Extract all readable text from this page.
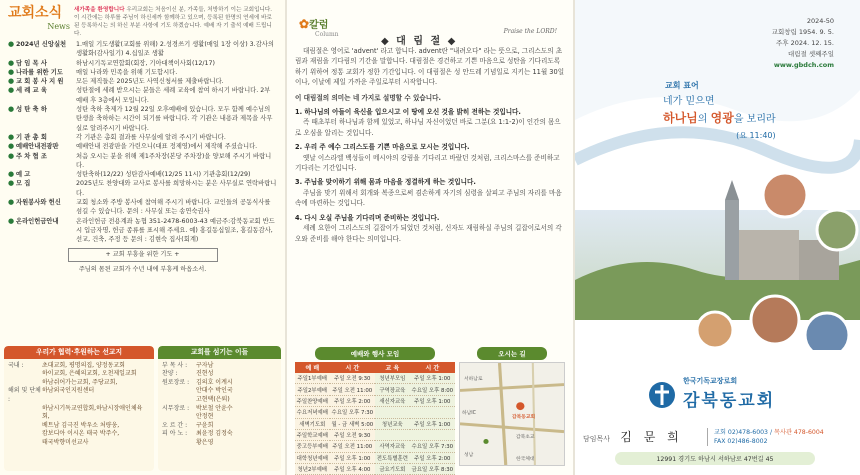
교회소식
News
새가족을 환영합니다 우리교회는 처음이신 분, 가족들, 처방하기 이는 교회입니다. 이 시간에는 하루를 주님이 하신세까 함께하고 있으며, 등록된 한명의 연세에 바로된 등록하시는 의 하신 부분 사항에 기도 하겠습니다. 예배 자 기 출석 예배 드립니다.
● 2024년 신앙실천	1.매일 기도생활(교회를 위해) 2.성경쓰기 생활(매일 1장 이상) 3.감사의 생활화(감사일기) 4.십일조 생활
● 담 임 목 사	하남시기독교연합회(회장, 기아대책이사회(12/17)
● 나라를 위한 기도	매일 나라와 민족을 위해 기도합시다.
● 교 회 봉 사 지 원	모든 제직들은 2025년도 사역신청서를 제출바랍니다.
● 세 례 교 육	성탄절에 세례 받으시는 분들은 세례 교육에 참여 하시기 바랍니다. 2부 예배 후 3층에서 모입니다.
● 성 탄 축 하	성탄 축하 축제가 12월 22일 오후예배에 있습니다. 모두 함께 예수님의 탄생을 축하하는 시간이 되기를 바랍니다. 각 기관은 내용과 제목을 사무실로 알려주시기 바랍니다.
● 기 관 총 회	각 기관은 총회 결과를 사무실에 알려 주시기 바랍니다.
● 예배안내전광판	예배안내 전광판을 가린으니(대표 정제영)에서 제작해 주셨습니다.
● 주 차 협 조	처음 오시는 분을 위해 제1주차장(본당 주차장)을 양보해 주시기 바랍니다.
● 예 고	성탄축하(12/22) 성탄감사예배(12/25 11시) 기관총회(12/29)
● 모 집	2025년도 찬양대와 교사로 봉사를 희망하시는 분은 사무실로 연락바랍니다.
● 자원봉사와 헌신	교회 청소와 주방 봉사에 참여해 주시기 바랍니다. 교인들의 공동식사를 섬길 수 있습니다. 문의 : 사무실 또는 송연숙권사
● 온라인헌금안내	온라인헌금 전용계좌 농협 351-2478-6003-43 예금주:감북동교회 반드시 입금자명, 헌금 종류를 표시해 주세요. 예) 홍길동십일조, 홍길동감사, 선교, 건축, 주정 등 문의 : 김현숙 집사(회계)
+ 교회 부흥을 위한 기도 +
주님의 몸된 교회가 수년 내에 부흥케 하옵소서.
우리가 협력·후원하는 선교지
국내 :	초대교회, 평명의집, 양정동교회
하이교회, 은혜의교회, 오천제일교회
하남쉬어가는교회, 주당교회,
해외 및 단체 :
하남외국인지원센터
하남시기독교연합회,하남시장애인체육회,
베트남 김극진 박우소 처량웅,
캄보디아 이시온 태국 박주수,
태국박향미선교사
교회를 섬기는 이들
부 목 사 :	구자남
찬양 :	진현성
원로장로 :	김의호 이계시
안대수 박인국
고현택(은퇴)
시무장로 :	박보철 안윤수
안정현
오 르 간 :	구윤희
피 아 노 :	최윤정 김정숙
황은영
✿칼럼
Column
◆ 대 림 절 ◆
Praise the LORD!

대림절은 영어로 'advent' 라고 합니다. advent란 "내려오다" 라는 뜻으로, 그리스도의 초림과 재림을 기다림의 기간을 말합니다. 대림절은 경건하고 기쁜 마음으로 성탄을 기다리도록 하기 위하여 정통 교회가 정한 기간입니다. 이 대림절은 성 안드레 기념일로 지키는 11월 30일이나, 이날에 제일 가까운 주일로부터 시작합니다.

이 대림절의 의미는 네 가지로 설명할 수 있습니다.

1. 하나님의 아들이 육신을 입으시고 이 땅에 오신 것을 밝히 전하는 것입니다.

즉 때초부터 하나님과 함께 있었고, 하나님 자신이었던 바로 그분(요 1:1-2)이 인간의 몸으로 오심을 알리는 것입니다.

2. 우리 주 예수 그리스도를 기쁜 마음으로 모시는 것입니다.

옛날 이스라엘 백성들이 메시야의 강림을 기다리고 바랐던 것처럼, 크리스마스를 준비하고 기다리는 기간입니다.

3. 주님을 맞이하기 위해 몸과 마음을 정결하게 하는 것입니다.

주님을 맞기 위해서 회개와 복종으로써 겸손하게 자기의 심령을 살피고 주님의 자리를 마음속에 마련하는 것입니다.

4. 다시 오실 주님을 기다리며 준비하는 것입니다.

세례 요한이 그리스도의 길잡이가 되었던 것처럼, 신자도 재림하실 주님의 길잡이로서의 각오와 준비를 해야 한다는 의미입니다.

예배와 행사 모임
예 배	시 간	교 육	시 간
주일1부예배	주일 오전 9:30	청년부모임	주일 오후 1:00
주일2부예배	주일 오전 11:00	구역장교육	수요일 오후 8:00
주일찬양예배	주일 오후 2:00	새신자교육	주일 오후 1:00
수요저녁예배	수요일 오후 7:30		
새벽기도회	월 - 금 새벽 5:00	청년교육	주일 오후 1:00
주일학교예배	주일 오전 9:30		
중고등부예배	주일 오전 11:00	사역자교육	수요일 오후 7:30
대학청년예배	주일 오후 1:00	전도특별훈련	주일 오후 2:00
청년2부예배	주일 오후 4:00	금요기도회	금요일 오후 8:30
오시는 길
서하남로
하남IC
감북동교회
감북초교
성남
한국체대
2024-50
교회창립 1954. 9. 5.
주후 2024. 12. 15.
대림절 셋째주일
www.gbdch.com
교회 표어
네가 믿으면
하나님의 영광을 보리라
(요 11:40)
한국기독교장로회
감북동교회
담임목사 김 문 희	교회 02)478-6003 / 목사관 478-6004
FAX 02)486-8002
12991 경기도 하남시 서하남로 47번길 45
